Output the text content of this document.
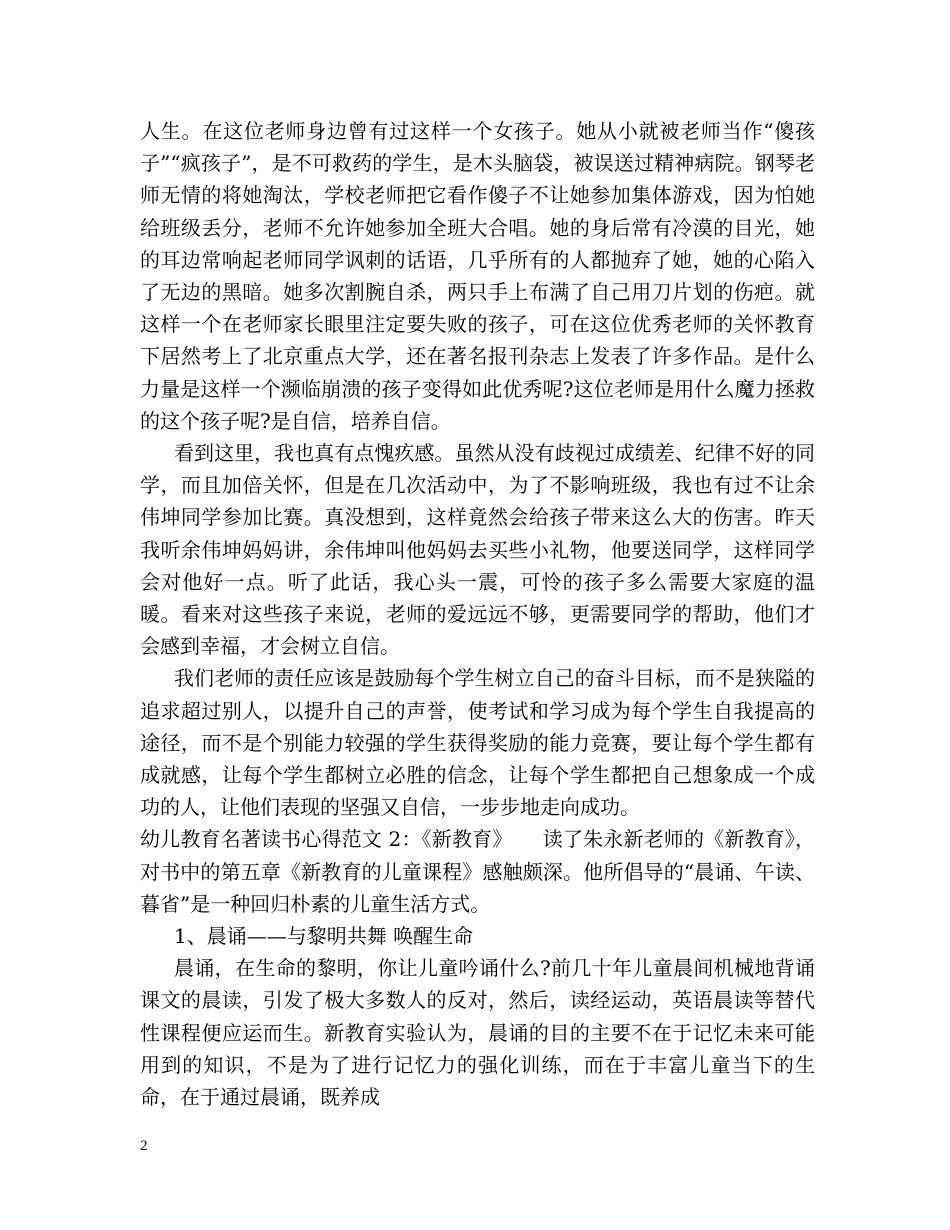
人生。在这位老师身边曾有过这样一个女孩子。她从小就被老师当作“傻孩子”“疯孩子”，是不可救药的学生，是木头脑袋，被误送过精神病院。钢琴老师无情的将她淘汰，学校老师把它看作傻子不让她参加集体游戏，因为怕她给班级丢分，老师不允许她参加全班大合唱。她的身后常有冷漠的目光，她的耳边常响起老师同学讽刺的话语，几乎所有的人都抛弃了她，她的心陷入了无边的黑暗。她多次割腕自杀，两只手上布满了自己用刀片划的伤疤。就这样一个在老师家长眼里注定要失败的孩子，可在这位优秀老师的关怀教育下居然考上了北京重点大学，还在著名报刊杂志上发表了许多作品。是什么力量是这样一个濒临崩溃的孩子变得如此优秀呢?这位老师是用什么魔力拯救的这个孩子呢?是自信，培养自信。

看到这里，我也真有点愧疚感。虽然从没有歧视过成绩差、纪律不好的同学，而且加倍关怀，但是在几次活动中，为了不影响班级，我也有过不让余伟坤同学参加比赛。真没想到，这样竟然会给孩子带来这么大的伤害。昨天我听余伟坤妈妈讲，余伟坤叫他妈妈去买些小礼物，他要送同学，这样同学会对他好一点。听了此话，我心头一震，可怜的孩子多么需要大家庭的温暖。看来对这些孩子来说，老师的爱远远不够，更需要同学的帮助，他们才会感到幸福，才会树立自信。

我们老师的责任应该是鼓励每个学生树立自己的奋斗目标，而不是狭隘的追求超过别人，以提升自己的声誉，使考试和学习成为每个学生自我提高的途径，而不是个别能力较强的学生获得奖励的能力竞赛，要让每个学生都有成就感，让每个学生都树立必胜的信念，让每个学生都把自己想象成一个成功的人，让他们表现的坚强又自信，一步步地走向成功。

幼儿教育名著读书心得范文 2：《新教育》　　读了朱永新老师的《新教育》，对书中的第五章《新教育的儿童课程》感触颇深。他所倡导的“晨诵、午读、暮省”是一种回归朴素的儿童生活方式。

1、晨诵——与黎明共舞 唤醒生命

晨诵，在生命的黎明，你让儿童吟诵什么?前几十年儿童晨间机械地背诵课文的晨读，引发了极大多数人的反对，然后，读经运动，英语晨读等替代性课程便应运而生。新教育实验认为，晨诵的目的主要不在于记忆未来可能用到的知识，不是为了进行记忆力的强化训练，而在于丰富儿童当下的生命，在于通过晨诵，既养成

2
